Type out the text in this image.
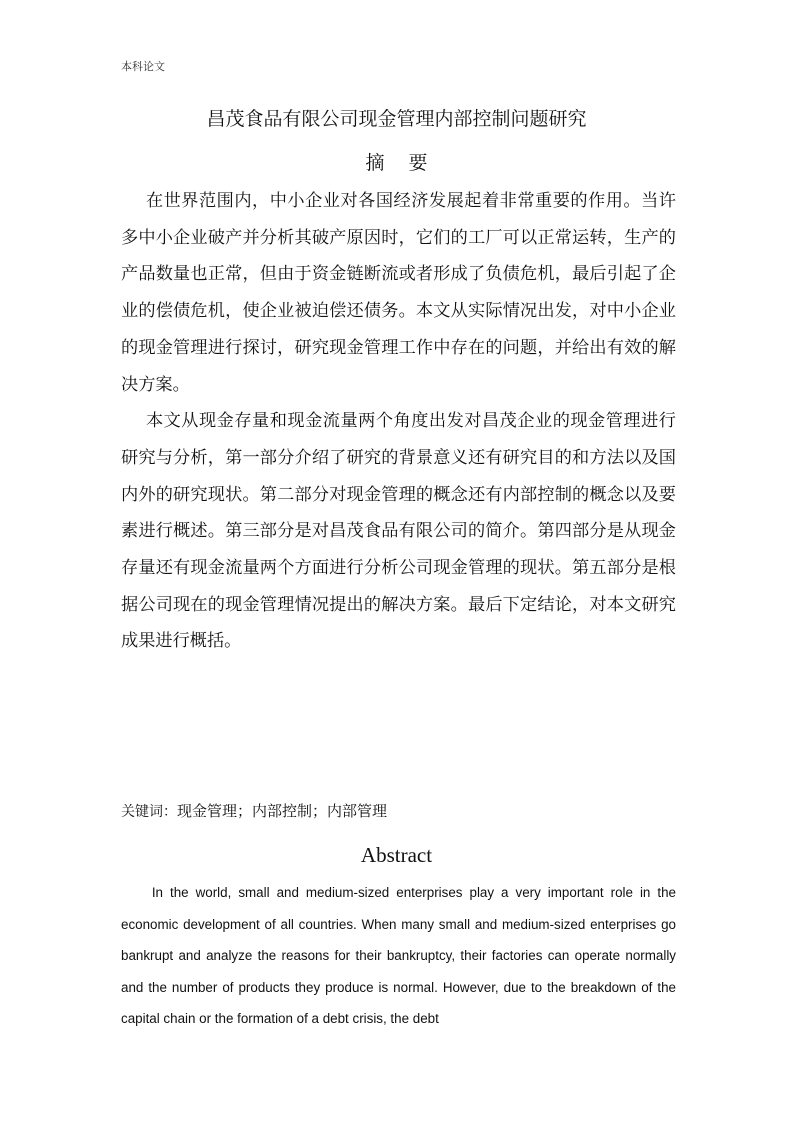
本科论文
昌茂食品有限公司现金管理内部控制问题研究
摘要

在世界范围内，中小企业对各国经济发展起着非常重要的作用。当许多中小企业破产并分析其破产原因时，它们的工厂可以正常运转，生产的产品数量也正常，但由于资金链断流或者形成了负债危机，最后引起了企业的偿债危机，使企业被迫偿还债务。本文从实际情况出发，对中小企业的现金管理进行探讨，研究现金管理工作中存在的问题，并给出有效的解决方案。

本文从现金存量和现金流量两个角度出发对昌茂企业的现金管理进行研究与分析，第一部分介绍了研究的背景意义还有研究目的和方法以及国内外的研究现状。第二部分对现金管理的概念还有内部控制的概念以及要素进行概述。第三部分是对昌茂食品有限公司的简介。第四部分是从现金存量还有现金流量两个方面进行分析公司现金管理的现状。第五部分是根据公司现在的现金管理情况提出的解决方案。最后下定结论，对本文研究成果进行概括。

关键词：现金管理；内部控制；内部管理
Abstract

In the world, small and medium-sized enterprises play a very important role in the economic development of all countries. When many small and medium-sized enterprises go bankrupt and analyze the reasons for their bankruptcy, their factories can operate normally and the number of products they produce is normal. However, due to the breakdown of the capital chain or the formation of a debt crisis, the debt
